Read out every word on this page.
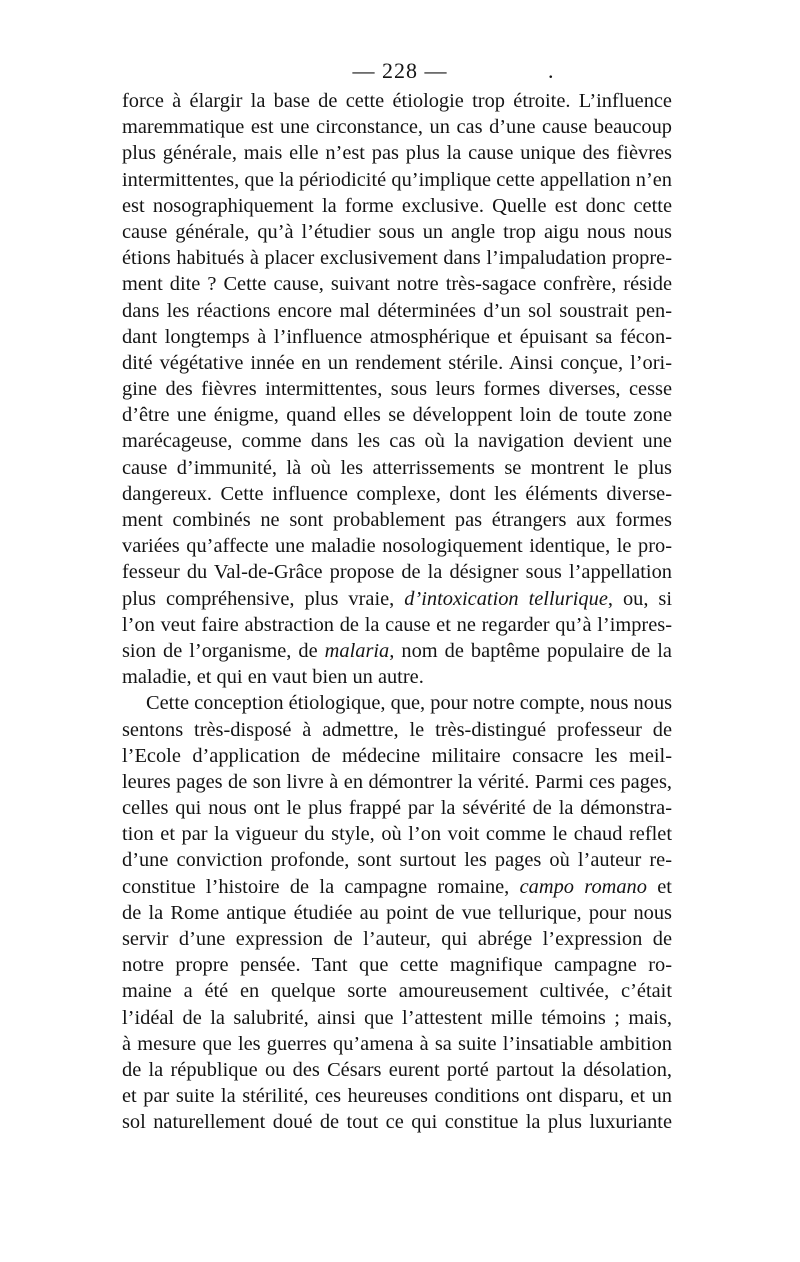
— 228 —	.
force à élargir la base de cette étiologie trop étroite. L’influence
maremmatique est une circonstance, un cas d’une cause beaucoup
plus générale, mais elle n’est pas plus la cause unique des fièvres
intermittentes, que la périodicité qu’implique cette appellation n’en
est nosographiquement la forme exclusive. Quelle est donc cette
cause générale, qu’à l’étudier sous un angle trop aigu nous nous
étions habitués à placer exclusivement dans l’impaludation propre-
ment dite ? Cette cause, suivant notre très-sagace confrère, réside
dans les réactions encore mal déterminées d’un sol soustrait pen-
dant longtemps à l’influence atmosphérique et épuisant sa fécon-
dité végétative innée en un rendement stérile. Ainsi conçue, l’ori-
gine des fièvres intermittentes, sous leurs formes diverses, cesse
d’être une énigme, quand elles se développent loin de toute zone
marécageuse, comme dans les cas où la navigation devient une
cause d’immunité, là où les atterrissements se montrent le plus
dangereux. Cette influence complexe, dont les éléments diverse-
ment combinés ne sont probablement pas étrangers aux formes
variées qu’affecte une maladie nosologiquement identique, le pro-
fesseur du Val-de-Grâce propose de la désigner sous l’appellation
plus compréhensive, plus vraie, d’intoxication tellurique, ou, si
l’on veut faire abstraction de la cause et ne regarder qu’à l’impres-
sion de l’organisme, de malaria, nom de baptême populaire de la
maladie, et qui en vaut bien un autre.
Cette conception étiologique, que, pour notre compte, nous nous
sentons très-disposé à admettre, le très-distingué professeur de
l’Ecole d’application de médecine militaire consacre les meil-
leures pages de son livre à en démontrer la vérité. Parmi ces pages,
celles qui nous ont le plus frappé par la sévérité de la démonstra-
tion et par la vigueur du style, où l’on voit comme le chaud reflet
d’une conviction profonde, sont surtout les pages où l’auteur re-
constitue l’histoire de la campagne romaine, campo romano et
de la Rome antique étudiée au point de vue tellurique, pour nous
servir d’une expression de l’auteur, qui abrége l’expression de
notre propre pensée. Tant que cette magnifique campagne ro-
maine a été en quelque sorte amoureusement cultivée, c’était
l’idéal de la salubrité, ainsi que l’attestent mille témoins ; mais,
à mesure que les guerres qu’amena à sa suite l’insatiable ambition
de la république ou des Césars eurent porté partout la désolation,
et par suite la stérilité, ces heureuses conditions ont disparu, et un
sol naturellement doué de tout ce qui constitue la plus luxuriante
